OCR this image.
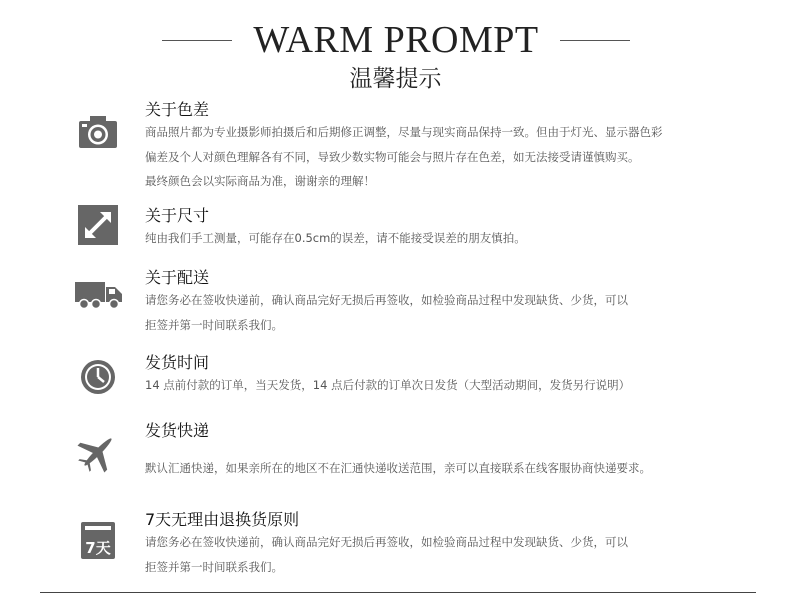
WARM PROMPT
温馨提示
关于色差
商品照片都为专业摄影师拍摄后和后期修正调整，尽量与现实商品保持一致。但由于灯光、显示器色彩
偏差及个人对颜色理解各有不同，导致少数实物可能会与照片存在色差，如无法接受请谨慎购买。
最终颜色会以实际商品为准，谢谢亲的理解！
关于尺寸
纯由我们手工测量，可能存在0.5cm的误差，请不能接受误差的朋友慎拍。
关于配送
请您务必在签收快递前，确认商品完好无损后再签收，如检验商品过程中发现缺货、少货，可以
拒签并第一时间联系我们。
发货时间
14 点前付款的订单，当天发货，14 点后付款的订单次日发货（大型活动期间，发货另行说明）
发货快递
默认汇通快递，如果亲所在的地区不在汇通快递收送范围，亲可以直接联系在线客服协商快递要求。
7天
7天无理由退换货原则
请您务必在签收快递前，确认商品完好无损后再签收，如检验商品过程中发现缺货、少货，可以
拒签并第一时间联系我们。
